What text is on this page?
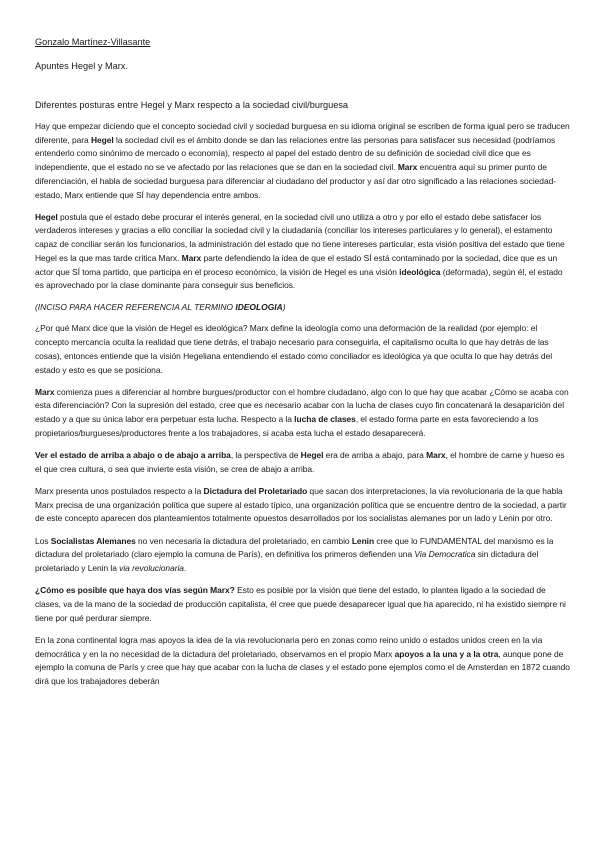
Gonzalo Martínez-Villasante
Apuntes Hegel y Marx.
Diferentes posturas entre Hegel y Marx respecto a la sociedad civil/burguesa

Hay que empezar diciendo que el concepto sociedad civil y sociedad burguesa en su idioma original se escriben de forma igual pero se traducen diferente, para Hegel la sociedad civil es el ámbito donde se dan las relaciones entre las personas para satisfacer sus necesidad (podríamos entenderlo como sinónimo de mercado o economía), respecto al papel del estado dentro de su definición de sociedad civil dice que es independiente, que el estado no se ve afectado por las relaciones que se dan en la sociedad civil. Marx encuentra aquí su primer punto de diferenciación, el habla de sociedad burguesa para diferenciar al ciudadano del productor y así dar otro significado a las relaciones sociedad-estado, Marx entiende que SÍ hay dependencia entre ambos.

Hegel postula que el estado debe procurar el interés general, en la sociedad civil uno utiliza a otro y por ello el estado debe satisfacer los verdaderos intereses y gracias a ello conciliar la sociedad civil y la ciudadanía (conciliar los intereses particulares y lo general), el estamento capaz de conciliar serán los funcionarios, la administración del estado que no tiene intereses particular, esta visión positiva del estado que tiene Hegel es la que mas tarde critica Marx. Marx parte defendiendo la idea de que el estado SÍ está contaminado por la sociedad, dice que es un actor que SÍ toma partido, que participa en el proceso económico, la visión de Hegel es una visión ideológica (deformada), según él, el estado es aprovechado por la clase dominante para conseguir sus beneficios.

(INCISO PARA HACER REFERENCIA AL TERMINO IDEOLOGIA)

¿Por qué Marx dice que la visión de Hegel es ideológica? Marx define la ideología como una deformación de la realidad (por ejemplo: el concepto mercancía oculta la realidad que tiene detrás, el trabajo necesario para conseguirla, el capitalismo oculta lo que hay detrás de las cosas), entonces entiende que la visión Hegeliana entendiendo el estado como conciliador es ideológica ya que oculta lo que hay detrás del estado y esto es que se posiciona.

Marx comienza pues a diferenciar al hombre burgues/productor con el hombre ciudadano, algo con lo que hay que acabar ¿Cómo se acaba con esta diferenciación? Con la supresión del estado, cree que es necesario acabar con la lucha de clases cuyo fin concatenará la desaparición del estado y a que su única labor era perpetuar esta lucha. Respecto a la lucha de clases, el estado forma parte en esta favoreciendo a los propietarios/burgueses/productores frente a los trabajadores, si acaba esta lucha el estado desaparecerá.

Ver el estado de arriba a abajo o de abajo a arriba, la perspectiva de Hegel era de arriba a abajo, para Marx, el hombre de carne y hueso es el que crea cultura, o sea que invierte esta visión, se crea de abajo a arriba.

Marx presenta unos postulados respecto a la Dictadura del Proletariado que sacan dos interpretaciones, la via revolucionaria de la que habla Marx precisa de una organización política que supere al estado típico, una organización política que se encuentre dentro de la sociedad, a partir de este concepto aparecen dos planteamientos totalmente opuestos desarrollados por los socialistas alemanes por un lado y Lenin por otro.

Los Socialistas Alemanes no ven necesaria la dictadura del proletariado, en cambio Lenin cree que lo FUNDAMENTAL del marxismo es la dictadura del proletariado (claro ejemplo la comuna de París), en definitiva los primeros defienden una Via Democratica sin dictadura del proletariado y Lenin la via revolucionaria.

¿Cómo es posible que haya dos vías según Marx? Esto es posible por la visión que tiene del estado, lo plantea ligado a la sociedad de clases, va de la mano de la sociedad de producción capitalista, él cree que puede desaparecer igual que ha aparecido, ni ha existido siempre ni tiene por qué perdurar siempre.

En la zona continental logra mas apoyos la idea de la via revolucionaria pero en zonas como reino unido o estados unidos creen en la via democrática y en la no necesidad de la dictadura del proletariado, observamos en el propio Marx apoyos a la una y a la otra, aunque pone de ejemplo la comuna de París y cree que hay que acabar con la lucha de clases y el estado pone ejemplos como el de Amsterdan en 1872 cuando dirá que los trabajadores deberán
